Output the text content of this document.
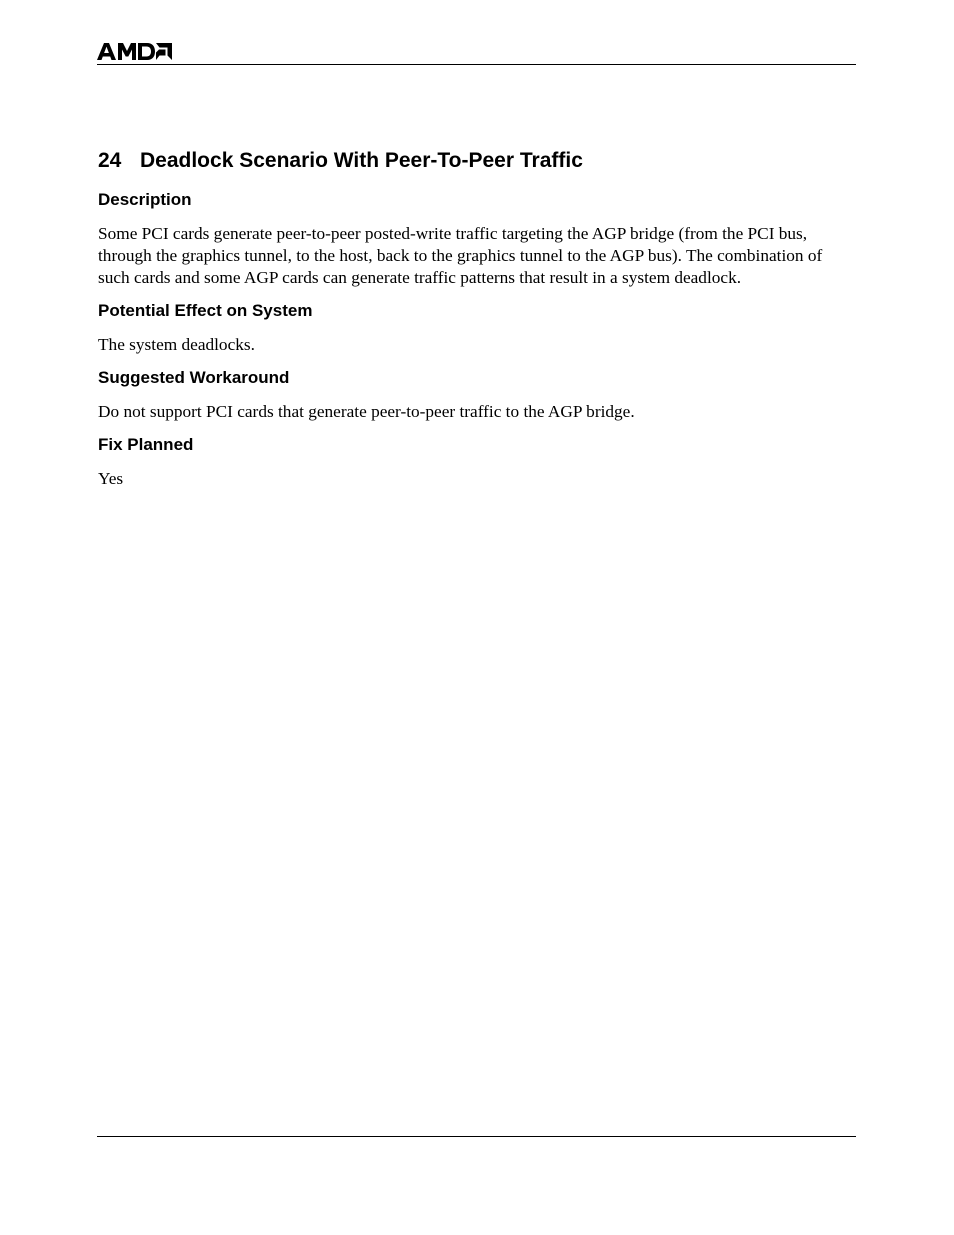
24 Deadlock Scenario With Peer-To-Peer Traffic
Description

Some PCI cards generate peer-to-peer posted-write traffic targeting the AGP bridge (from the PCI bus, through the graphics tunnel, to the host, back to the graphics tunnel to the AGP bus). The combination of such cards and some AGP cards can generate traffic patterns that result in a system deadlock.

Potential Effect on System

The system deadlocks.

Suggested Workaround

Do not support PCI cards that generate peer-to-peer traffic to the AGP bridge.

Fix Planned

Yes
